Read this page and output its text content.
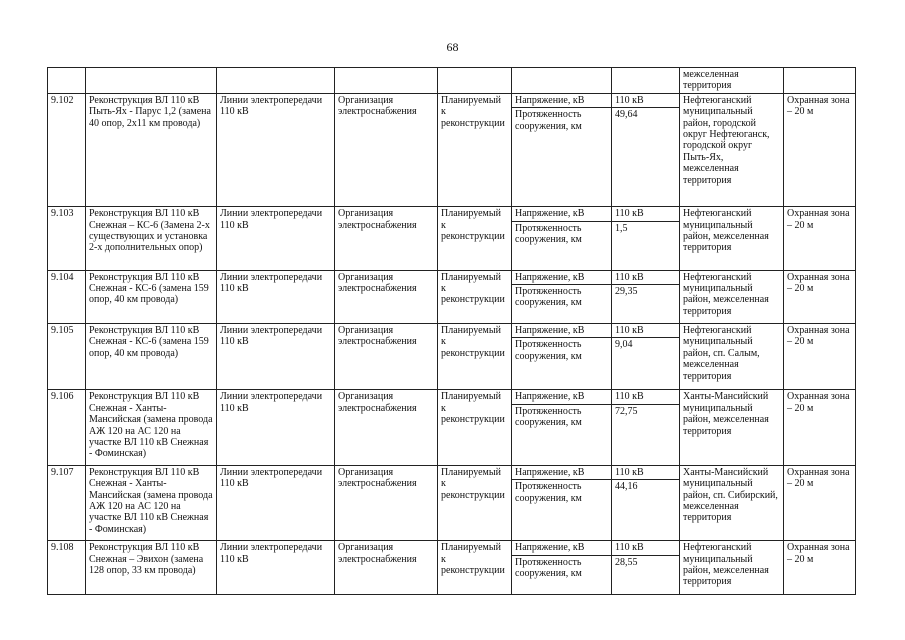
68
							межселенная территория	
9.102	Реконструкция ВЛ 110 кВ Пыть-Ях - Парус 1,2 (замена 40 опор, 2х11 км провода)	Линии электропередачи 110 кВ	Организация электроснабжения	Планируемый к реконструкции	Напряжение, кВ	110 кВ	Нефтеюганский муниципальный район, городской округ Нефтеюганск, городской округ Пыть-Ях, межселенная территория	Охранная зона – 20 м
					Протяженность сооружения, км	49,64		
9.103	Реконструкция ВЛ 110 кВ Снежная – КС-6 (Замена 2-х существующих и установка 2-х дополнительных опор)	Линии электропередачи 110 кВ	Организация электроснабжения	Планируемый к реконструкции	Напряжение, кВ	110 кВ	Нефтеюганский муниципальный район, межселенная территория	Охранная зона – 20 м
					Протяженность сооружения, км	1,5		
9.104	Реконструкция ВЛ 110 кВ Снежная - КС-6 (замена 159 опор, 40 км провода)	Линии электропередачи 110 кВ	Организация электроснабжения	Планируемый к реконструкции	Напряжение, кВ	110 кВ	Нефтеюганский муниципальный район, межселенная территория	Охранная зона – 20 м
					Протяженность сооружения, км	29,35		
9.105	Реконструкция ВЛ 110 кВ Снежная - КС-6 (замена 159 опор, 40 км провода)	Линии электропередачи 110 кВ	Организация электроснабжения	Планируемый к реконструкции	Напряжение, кВ	110 кВ	Нефтеюганский муниципальный район, сп. Салым, межселенная территория	Охранная зона – 20 м
					Протяженность сооружения, км	9,04		
9.106	Реконструкция ВЛ 110 кВ Снежная - Ханты-Мансийская (замена провода АЖ 120 на АС 120 на участке ВЛ 110 кВ Снежная - Фоминская)	Линии электропередачи 110 кВ	Организация электроснабжения	Планируемый к реконструкции	Напряжение, кВ	110 кВ	Ханты-Мансийский муниципальный район, межселенная территория	Охранная зона – 20 м
					Протяженность сооружения, км	72,75		
9.107	Реконструкция ВЛ 110 кВ Снежная - Ханты-Мансийская (замена провода АЖ 120 на АС 120 на участке ВЛ 110 кВ Снежная - Фоминская)	Линии электропередачи 110 кВ	Организация электроснабжения	Планируемый к реконструкции	Напряжение, кВ	110 кВ	Ханты-Мансийский муниципальный район, сп. Сибирский, межселенная территория	Охранная зона – 20 м
					Протяженность сооружения, км	44,16		
9.108	Реконструкция ВЛ 110 кВ Снежная – Эвихон (замена 128 опор, 33 км провода)	Линии электропередачи 110 кВ	Организация электроснабжения	Планируемый к реконструкции	Напряжение, кВ	110 кВ	Нефтеюганский муниципальный район, межселенная территория	Охранная зона – 20 м
					Протяженность сооружения, км	28,55		
